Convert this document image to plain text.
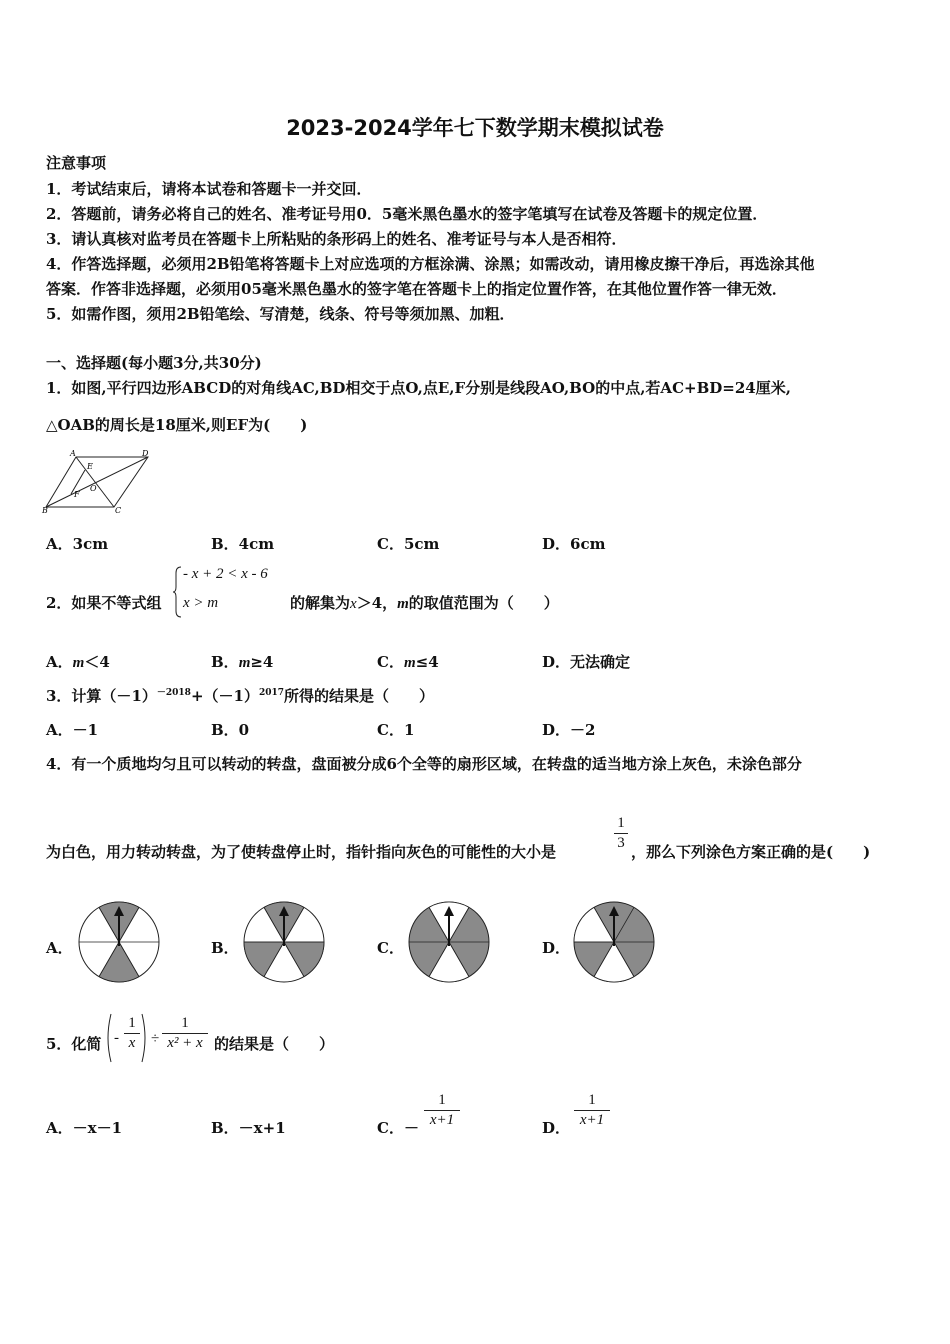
2023-2024学年七下数学期末模拟试卷
注意事项
1．考试结束后，请将本试卷和答题卡一并交回．
2．答题前，请务必将自己的姓名、准考证号用0．5毫米黑色墨水的签字笔填写在试卷及答题卡的规定位置．
3．请认真核对监考员在答题卡上所粘贴的条形码上的姓名、准考证号与本人是否相符．
4．作答选择题，必须用2B铅笔将答题卡上对应选项的方框涂满、涂黑；如需改动，请用橡皮擦干净后，再选涂其他
答案．作答非选择题，必须用05毫米黑色墨水的签字笔在答题卡上的指定位置作答，在其他位置作答一律无效．
5．如需作图，须用2B铅笔绘、写清楚，线条、符号等须加黑、加粗．
一、选择题(每小题3分,共30分)
1．如图,平行四边形ABCD的对角线AC,BD相交于点O,点E,F分别是线段AO,BO的中点,若AC+BD=24厘米,
△OAB的周长是18厘米,则EF为(　　)
A	D
B	C
E
F
O
A．3cm	B．4cm	C．5cm	D．6cm
2．如果不等式组
- x + 2 < x - 6
x > m	的解集为x＞4，m的取值范围为（　　）
A．m＜4	B．m≥4	C．m≤4	D．无法确定
3．计算$(-1)^{-2018}+(-1)^{2017}$所得的结果是（　　）
A．－1	B．0	C．1	D．－2
4．有一个质地均匀且可以转动的转盘，盘面被分成6个全等的扇形区域，在转盘的适当地方涂上灰色，未涂色部分
为白色，用力转动转盘，为了使转盘停止时，指针指向灰色的可能性的大小是
1
3 ，那么下列涂色方案正确的是(　　)
A．	B．	C．	D．
5．化简 -
1
x	÷
1
x² + x 的结果是（　　）
A．－x－1	B．－x+1	C．－
1
x+1	D．
1
x+1
